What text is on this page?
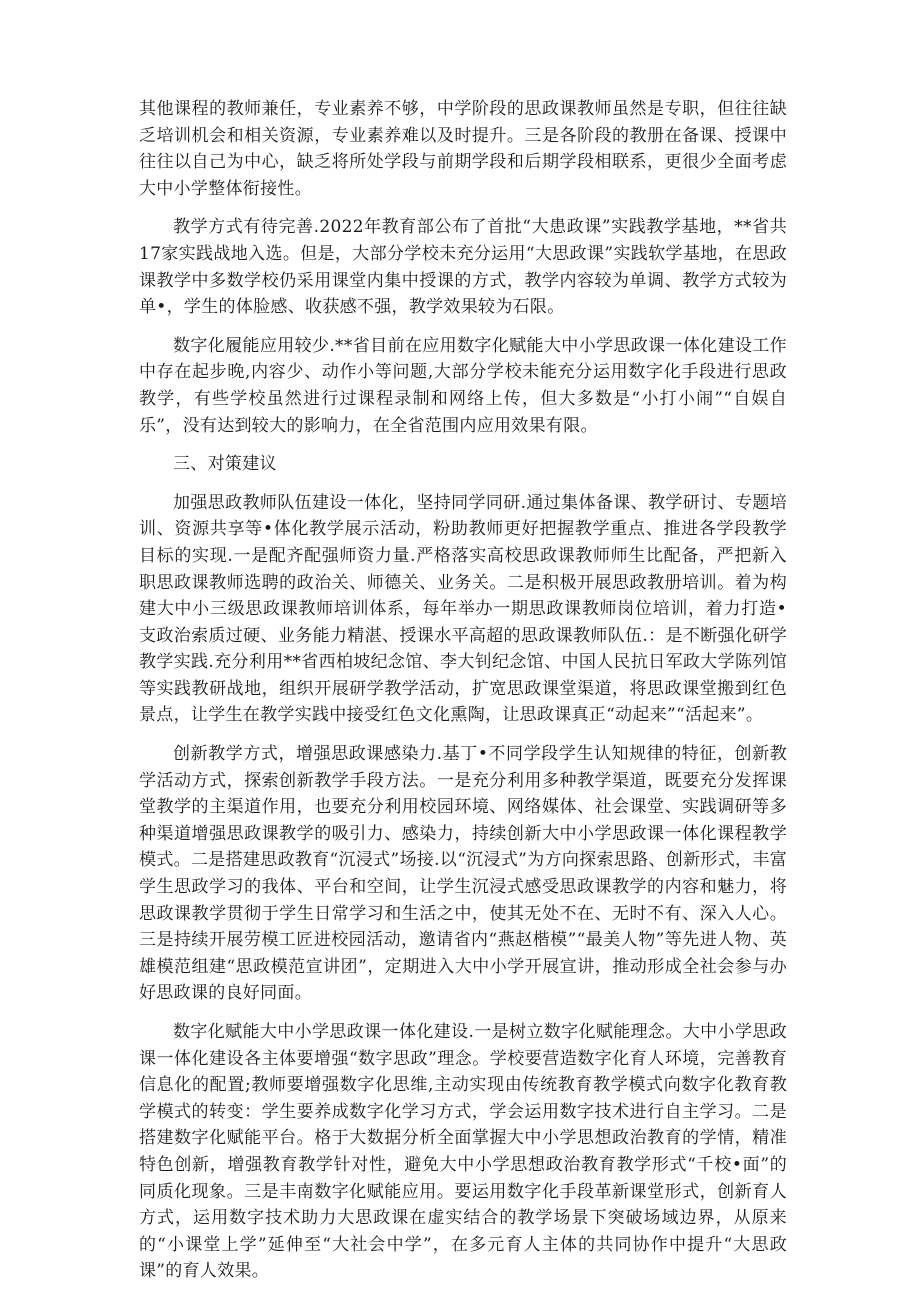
其他课程的教师兼任，专业素养不够，中学阶段的思政课教师虽然是专职，但往往缺乏培训机会和相关资源，专业素养难以及时提升。三是各阶段的教册在备课、授课中往往以自己为中心，缺乏将所处学段与前期学段和后期学段相联系，更很少全面考虑大中小学整体衔接性。

教学方式有待完善.2022年教育部公布了首批“大患政课”实践教学基地，**省共17家实践战地入选。但是，大部分学校未充分运用“大思政课”实践软学基地，在思政课教学中多数学校仍采用课堂内集中授课的方式，教学内容较为单调、教学方式较为单•，学生的体脸感、收获感不强，教学效果较为石限。

数字化履能应用较少.**省目前在应用数字化赋能大中小学思政课一体化建设工作中存在起步晚,内容少、动作小等问题,大部分学校未能充分运用数字化手段进行思政教学，有些学校虽然进行过课程录制和网络上传，但大多数是“小打小闹”“自娱自乐”，没有达到较大的影响力，在全省范围内应用效果有限。

三、对策建议

加强思政教师队伍建设一体化，坚持同学同研.通过集体备课、教学研讨、专题培训、资源共享等•体化教学展示活动，粉助教师更好把握教学重点、推进各学段教学目标的实现.一是配齐配强师资力量.严格落实高校思政课教师师生比配备，严把新入职思政课教师选聘的政治关、师德关、业务关。二是积极开展思政教册培训。着为构建大中小三级思政课教师培训体系，每年举办一期思政课教师岗位培训，着力打造•支政治索质过硬、业务能力精湛、授课水平高超的思政课教师队伍.：是不断强化研学教学实践.充分利用**省西柏坡纪念馆、李大钊纪念馆、中国人民抗日军政大学陈列馆等实践教研战地，组织开展研学教学活动，扩宽思政课堂渠道，将思政课堂搬到红色景点，让学生在教学实践中接受红色文化熏陶，让思政课真正“动起来”“活起来”。

创新教学方式，增强思政课感染力.基丁•不同学段学生认知规律的特征，创新教学活动方式，探索创新教学手段方法。一是充分利用多种教学渠道，既要充分发挥课堂教学的主渠道作用，也要充分利用校园环境、网络媒体、社会课堂、实践调研等多种渠道增强思政课教学的吸引力、感染力，持续创新大中小学思政课一体化课程教学模式。二是搭建思政教育“沉浸式”场接.以“沉浸式”为方向探索思路、创新形式，丰富学生思政学习的我体、平台和空间，让学生沉浸式感受思政课教学的内容和魅力，将思政课教学贯彻于学生日常学习和生活之中，使其无处不在、无时不有、深入人心。三是持续开展劳模工匠进校园活动，邀请省内“燕赵楷模”“最美人物”等先进人物、英雄模范组建“思政模范宣讲团”，定期进入大中小学开展宣讲，推动形成全社会参与办好思政课的良好同面。

数字化赋能大中小学思政课一体化建设.一是树立数字化赋能理念。大中小学思政课一体化建设各主体要增强“数字思政”理念。学校要营造数字化育人环境，完善教育信息化的配置;教师要增强数字化思维,主动实现由传统教育教学模式向数字化教育教学模式的转变：学生要养成数字化学习方式，学会运用数字技术进行自主学习。二是搭建数字化赋能平台。格于大数据分析全面掌握大中小学思想政治教育的学情，精准特色创新，增强教育教学针对性，避免大中小学思想政治教育教学形式“千校•面”的同质化现象。三是丰南数字化赋能应用。要运用数字化手段革新课堂形式，创新育人方式，运用数字技术助力大思政课在虚实结合的教学场景下突破场域边界，从原来的“小课堂上学”延伸至“大社会中学”，在多元育人主体的共同协作中提升“大思政课”的育人效果。
